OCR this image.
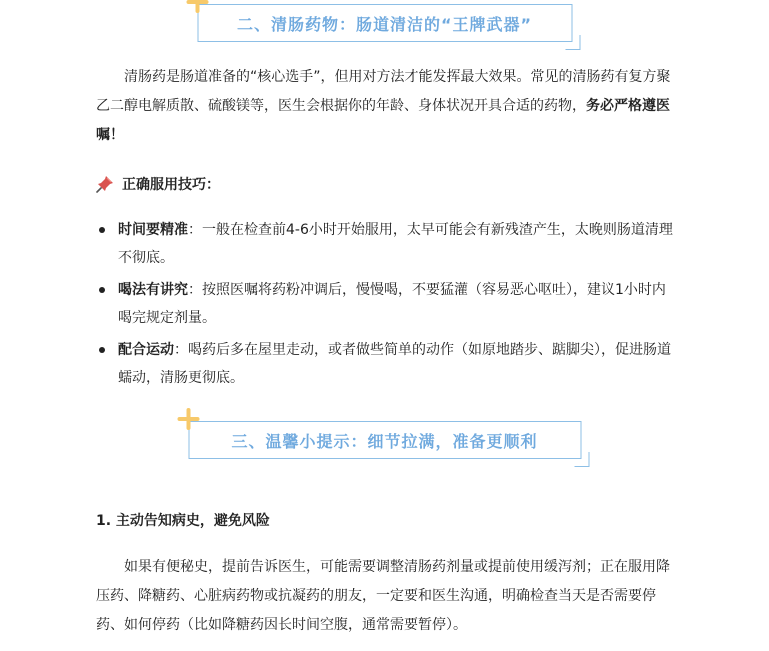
二、清肠药物：肠道清洁的“王牌武器”

清肠药是肠道准备的“核心选手”，但用对方法才能发挥最大效果。常见的清肠药有复方聚乙二醇电解质散、硫酸镁等，医生会根据你的年龄、身体状况开具合适的药物，务必严格遵医嘱！

正确服用技巧：
时间要精准：一般在检查前4-6小时开始服用，太早可能会有新残渣产生，太晚则肠道清理不彻底。
喝法有讲究：按照医嘱将药粉冲调后，慢慢喝，不要猛灌（容易恶心呕吐），建议1小时内喝完规定剂量。
配合运动：喝药后多在屋里走动，或者做些简单的动作（如原地踏步、踮脚尖），促进肠道蠕动，清肠更彻底。
三、温馨小提示：细节拉满，准备更顺利
1. 主动告知病史，避免风险

如果有便秘史，提前告诉医生，可能需要调整清肠药剂量或提前使用缓泻剂；正在服用降压药、降糖药、心脏病药物或抗凝药的朋友，一定要和医生沟通，明确检查当天是否需要停药、如何停药（比如降糖药因长时间空腹，通常需要暂停）。
